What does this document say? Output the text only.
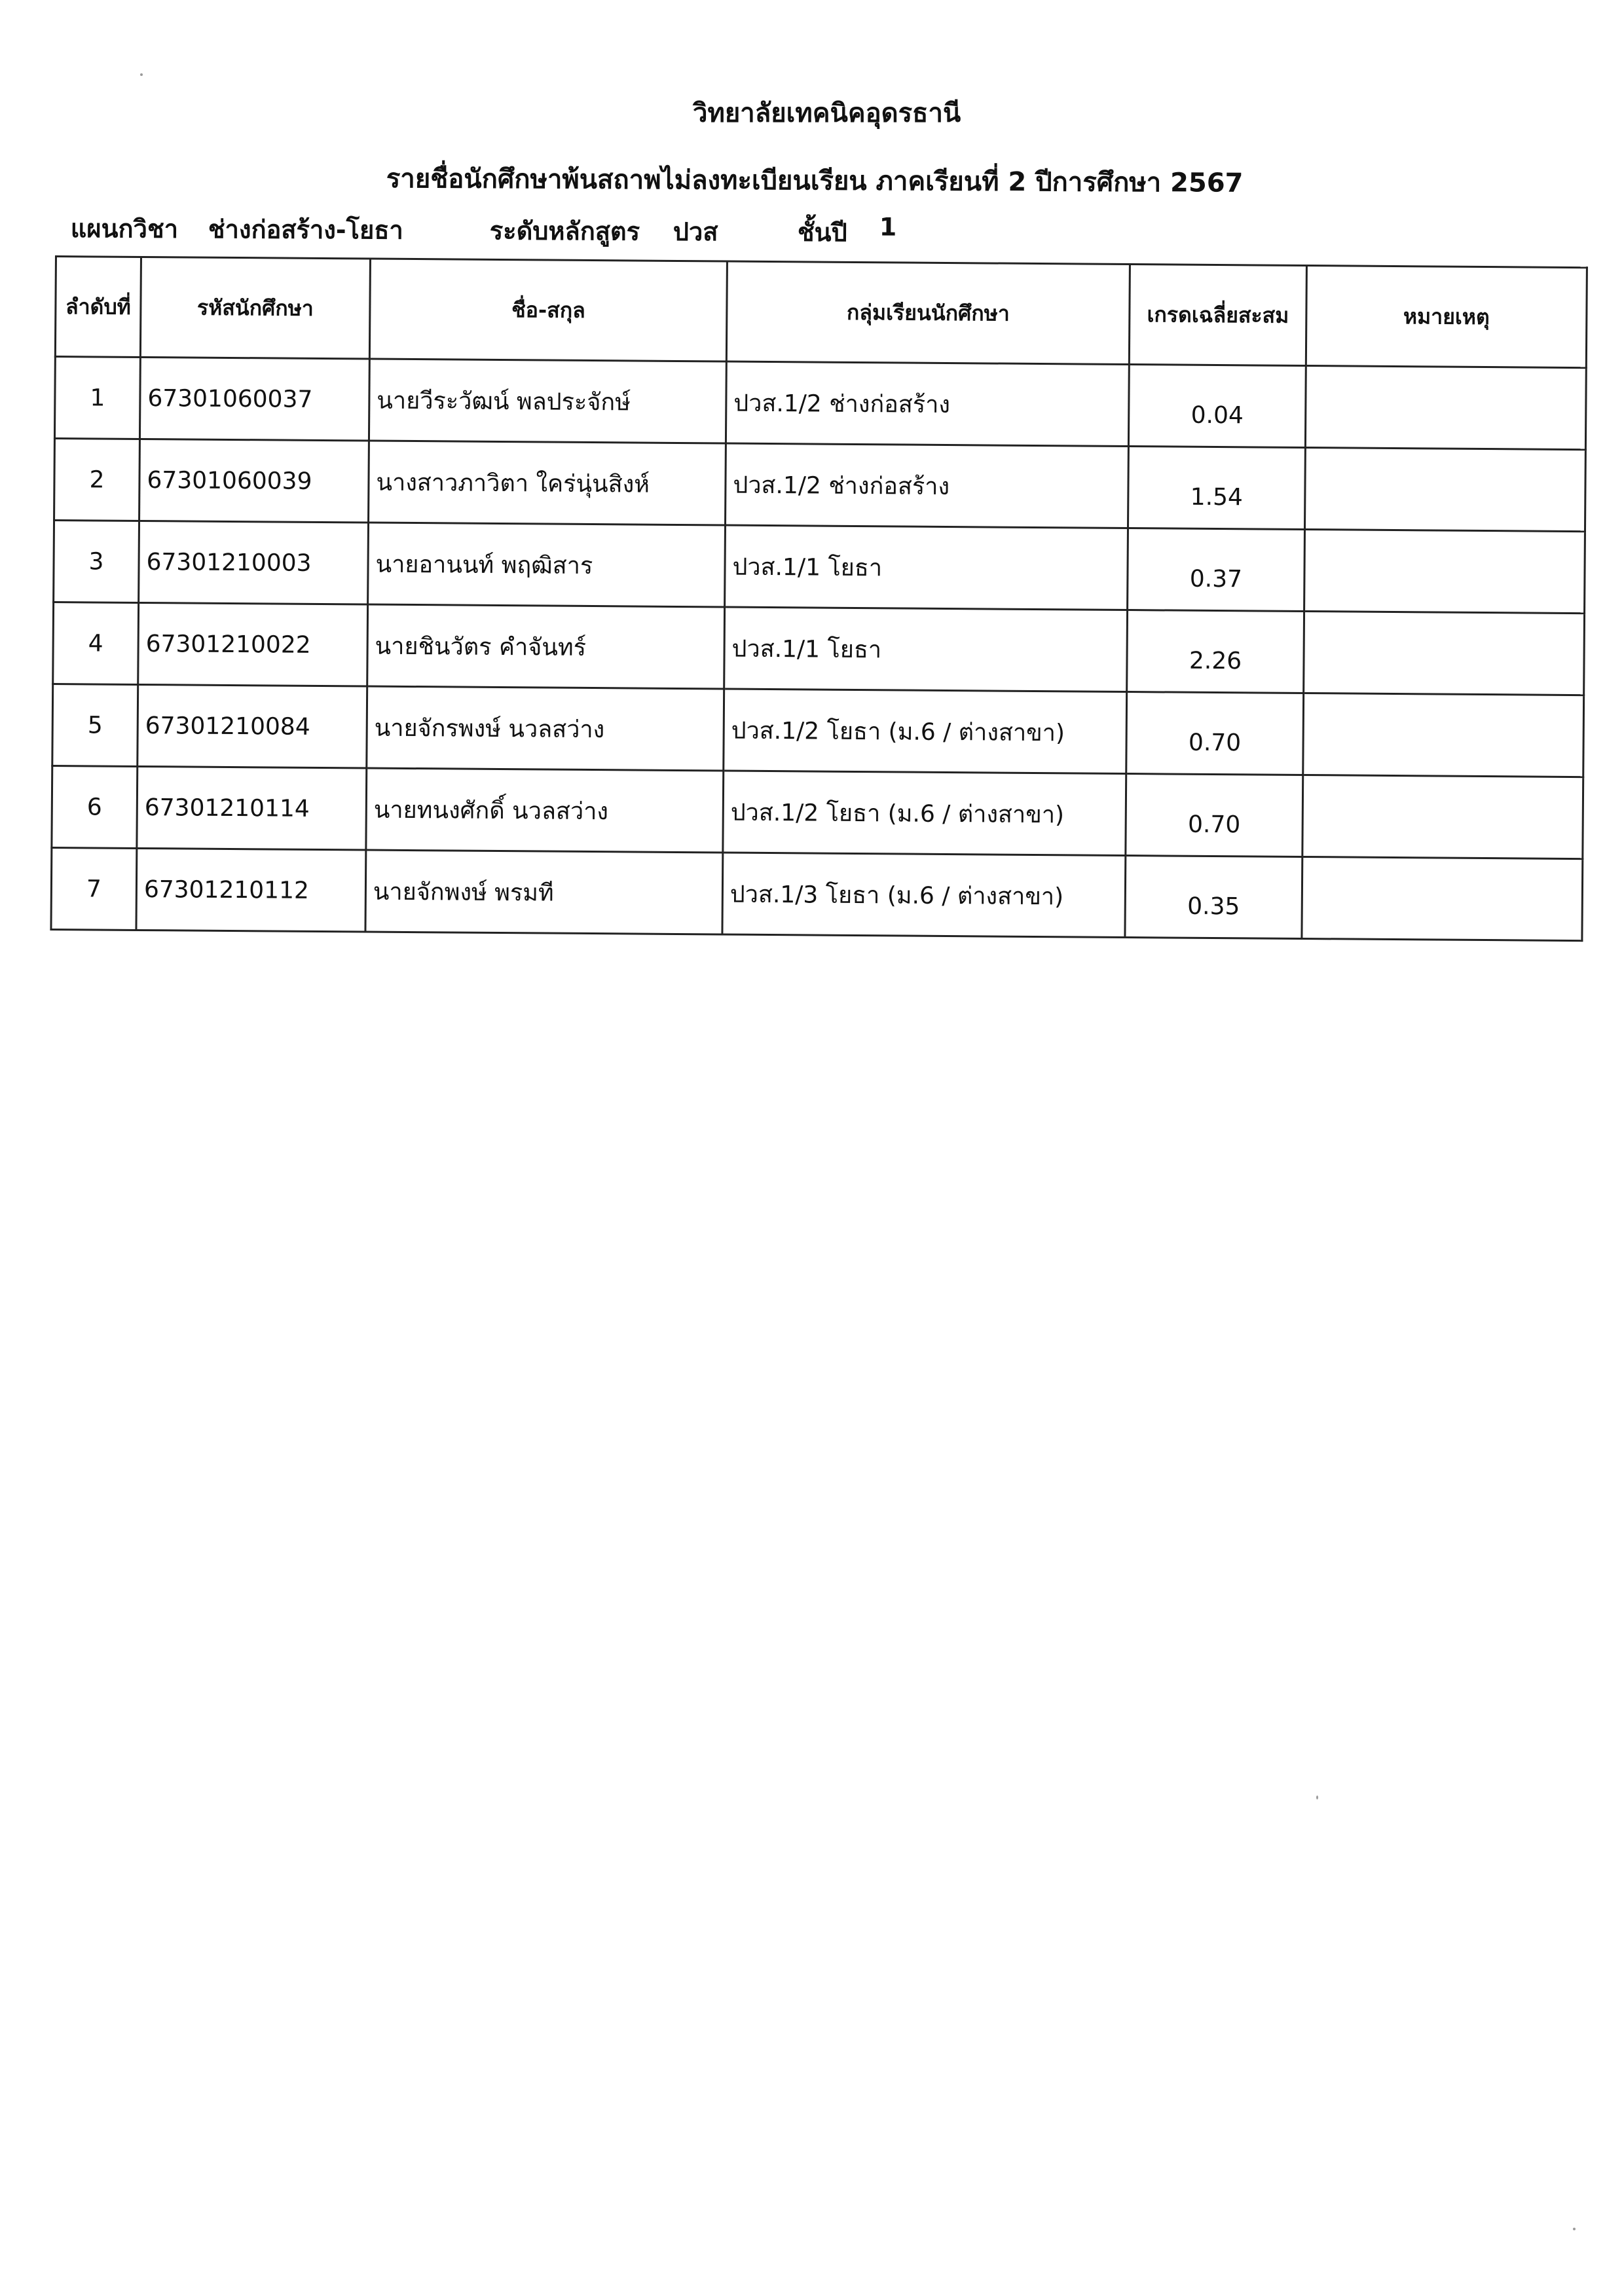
วิทยาลัยเทคนิคอุดรธานี
รายชื่อนักศึกษาพ้นสถาพไม่ลงทะเบียนเรียน ภาคเรียนที่ 2 ปีการศึกษา 2567
แผนกวิชา ช่างก่อสร้าง-โยธา	ระดับหลักสูตร ปวส	ชั้นปี 1
ลำดับที่	รหัสนักศึกษา	ชื่อ-สกุล	กลุ่มเรียนนักศึกษา	เกรดเฉลี่ยสะสม	หมายเหตุ
1	67301060037	นายวีระวัฒน์ พลประจักษ์	ปวส.1/2 ช่างก่อสร้าง	0.04	
2	67301060039	นางสาวภาวิตา ใคร่นุ่นสิงห์	ปวส.1/2 ช่างก่อสร้าง	1.54	
3	67301210003	นายอานนท์ พฤฒิสาร	ปวส.1/1 โยธา	0.37	
4	67301210022	นายชินวัตร คำจันทร์	ปวส.1/1 โยธา	2.26	
5	67301210084	นายจักรพงษ์ นวลสว่าง	ปวส.1/2 โยธา (ม.6 / ต่างสาขา)	0.70	
6	67301210114	นายทนงศักดิ์ นวลสว่าง	ปวส.1/2 โยธา (ม.6 / ต่างสาขา)	0.70	
7	67301210112	นายจักพงษ์ พรมที	ปวส.1/3 โยธา (ม.6 / ต่างสาขา)	0.35	
